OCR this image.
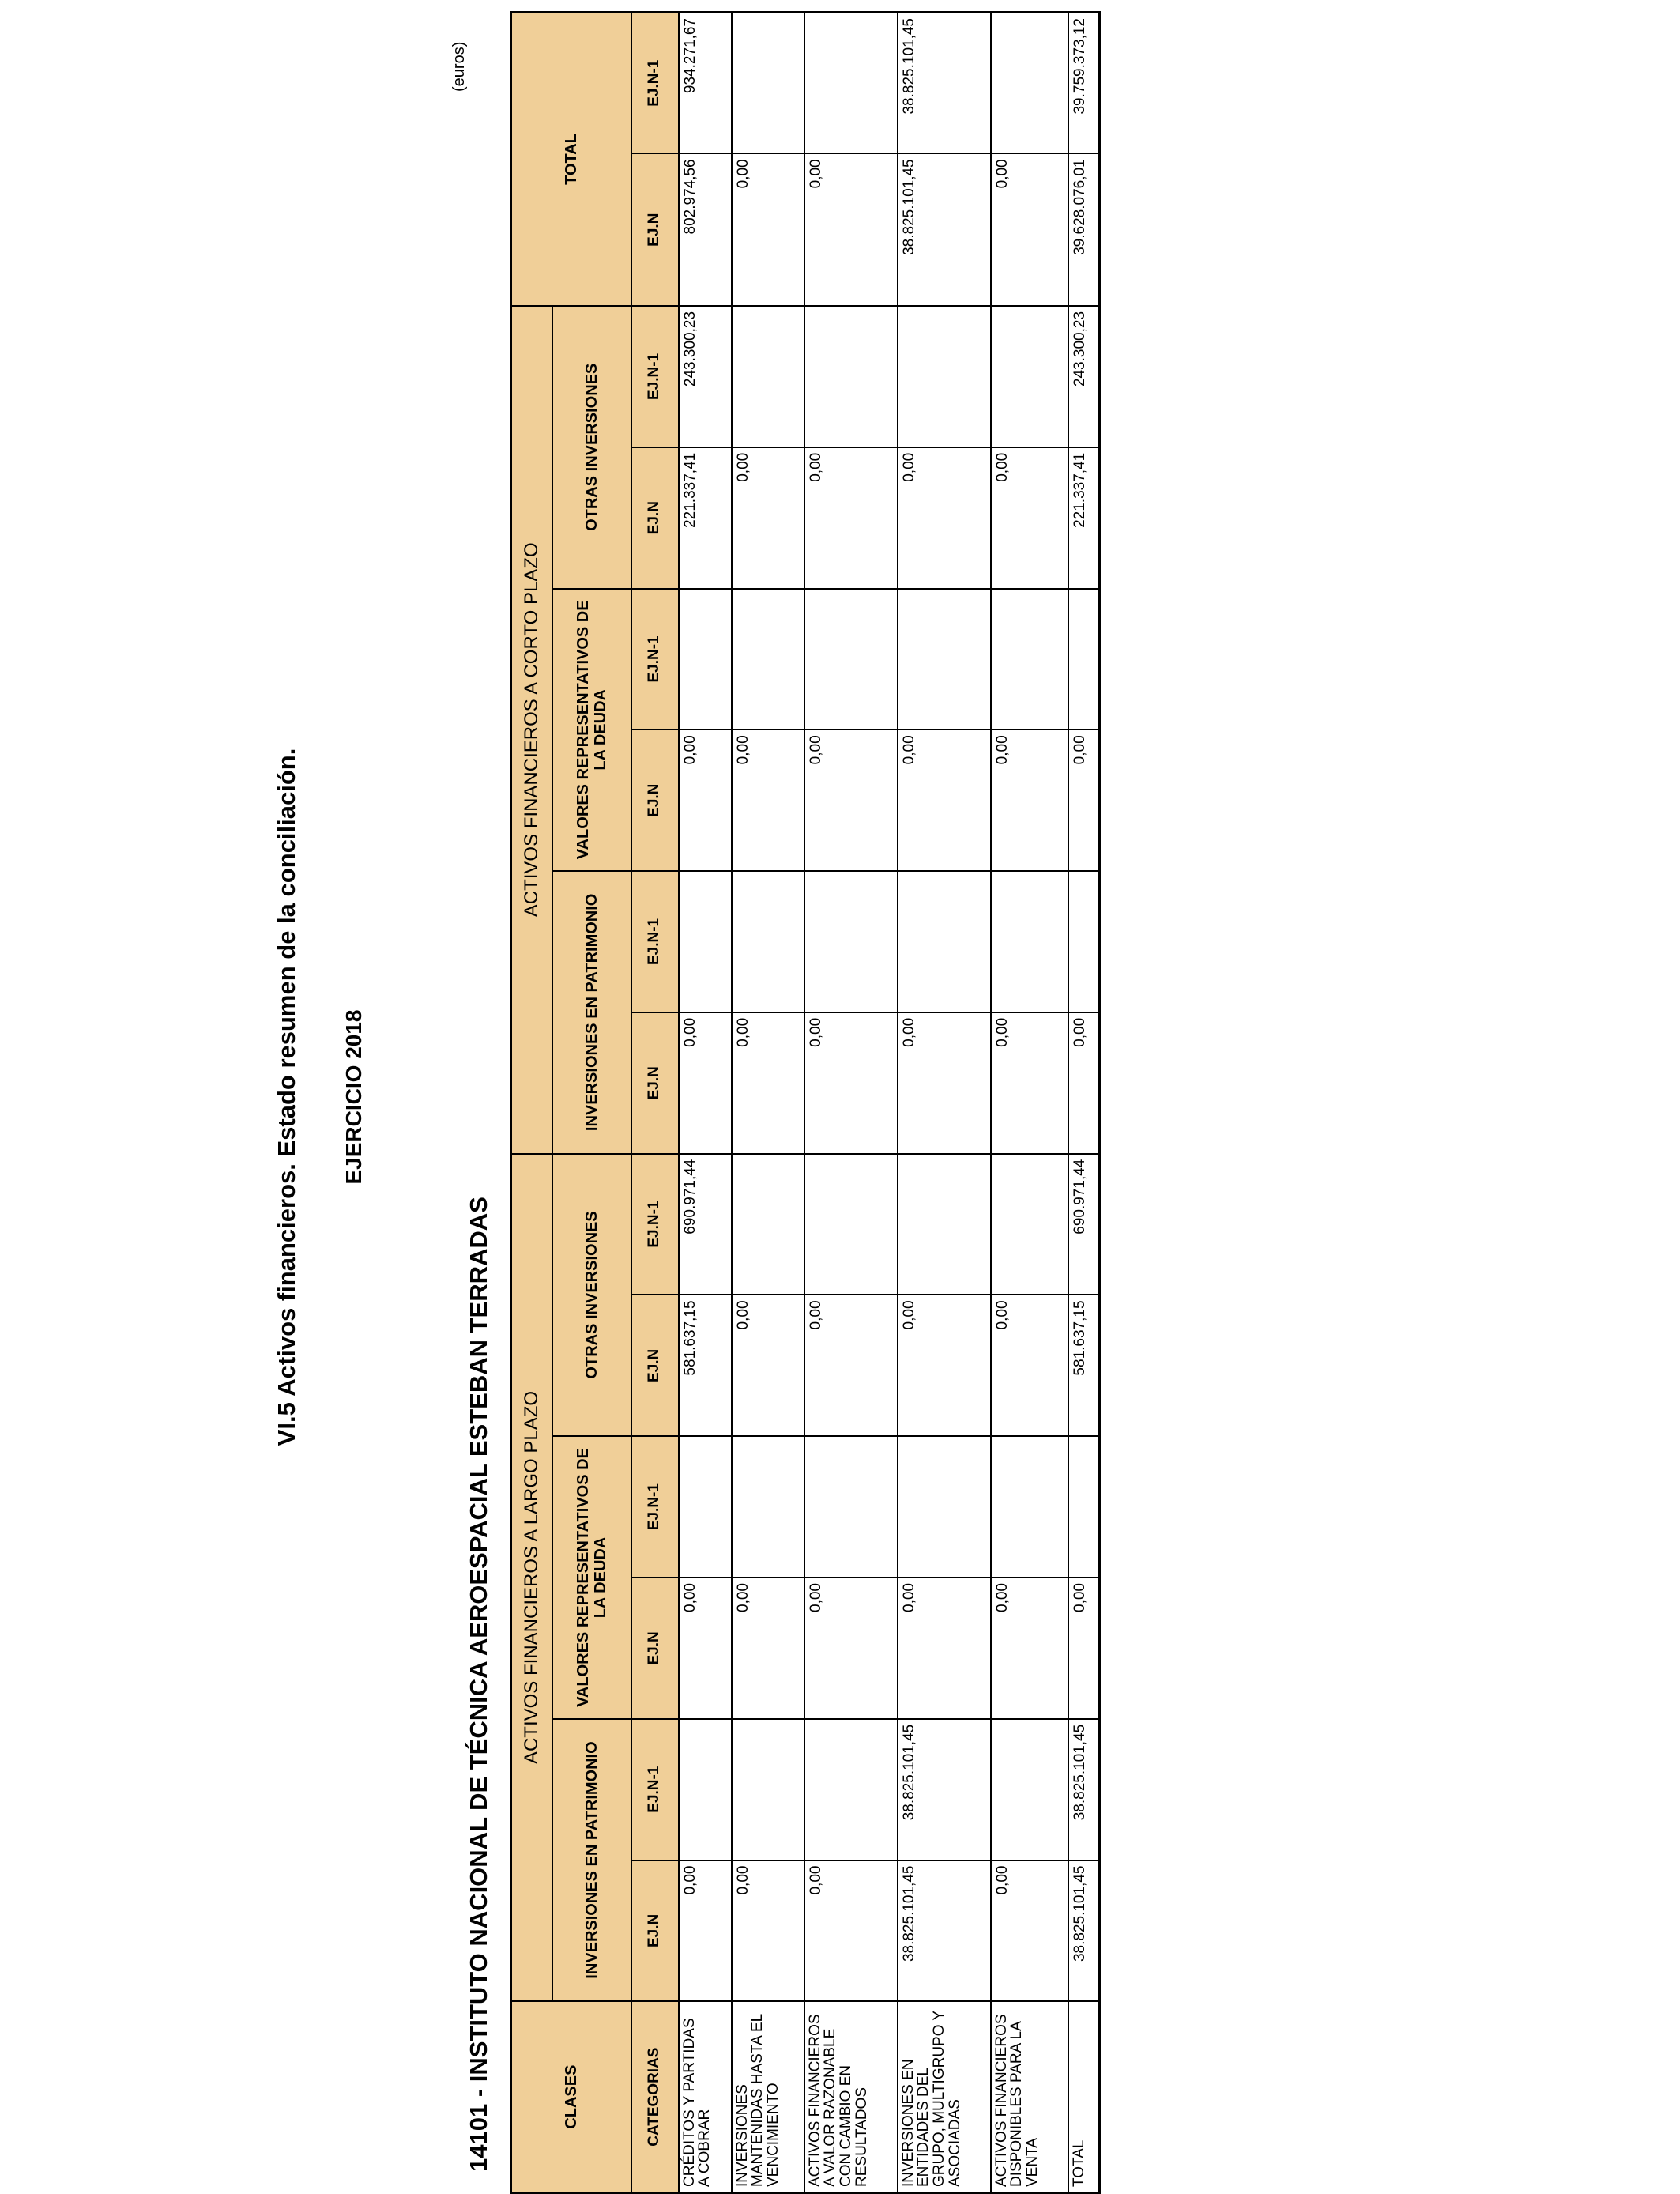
VI.5 Activos financieros. Estado resumen de la conciliación. EJERCICIO 2018
14101 - INSTITUTO NACIONAL DE TÉCNICA AEROESPACIAL ESTEBAN TERRADAS
(euros)
CLASES	ACTIVOS FINANCIEROS A LARGO PLAZO						ACTIVOS FINANCIEROS A CORTO PLAZO						TOTAL	
	INVERSIONES EN PATRIMONIO		VALORES REPRESENTATIVOS DE LA DEUDA		OTRAS INVERSIONES		INVERSIONES EN PATRIMONIO		VALORES REPRESENTATIVOS DE LA DEUDA		OTRAS INVERSIONES			
CATEGORIAS	EJ.N	EJ.N-1	EJ.N	EJ.N-1	EJ.N	EJ.N-1	EJ.N	EJ.N-1	EJ.N	EJ.N-1	EJ.N	EJ.N-1	EJ.N	EJ.N-1
CRÉDITOS Y PARTIDAS A COBRAR	0,00		0,00		581.637,15	690.971,44	0,00		0,00		221.337,41	243.300,23	802.974,56	934.271,67
INVERSIONES MANTENIDAS HASTA EL VENCIMIENTO	0,00		0,00		0,00		0,00		0,00		0,00		0,00	
ACTIVOS FINANCIEROS A VALOR RAZONABLE CON CAMBIO EN RESULTADOS	0,00		0,00		0,00		0,00		0,00		0,00		0,00	
INVERSIONES EN ENTIDADES DEL GRUPO, MULTIGRUPO Y ASOCIADAS	38.825.101,45	38.825.101,45	0,00		0,00		0,00		0,00		0,00		38.825.101,45	38.825.101,45
ACTIVOS FINANCIEROS DISPONIBLES PARA LA VENTA	0,00		0,00		0,00		0,00		0,00		0,00		0,00	
TOTAL	38.825.101,45	38.825.101,45	0,00		581.637,15	690.971,44	0,00		0,00		221.337,41	243.300,23	39.628.076,01	39.759.373,12
